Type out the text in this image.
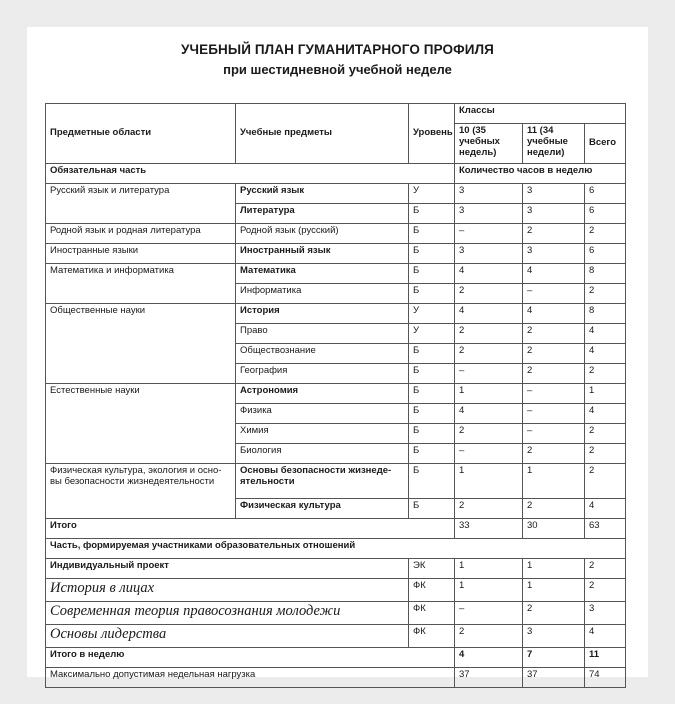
УЧЕБНЫЙ ПЛАН ГУМАНИТАРНОГО ПРОФИЛЯ
при шестидневной учебной неделе
Предметные области	Учебные предметы	Уровень	Классы		
			10 (35 учебных недель)	11 (34 учебные недели)	Всего
Обязательная часть			Количество часов в неделю		
Русский язык и литература	Русский язык	У	3	3	6
	Литература	Б	3	3	6
Родной язык и родная литература	Родной язык (русский)	Б	–	2	2
Иностранные языки	Иностранный язык	Б	3	3	6
Математика и информатика	Математика	Б	4	4	8
	Информатика	Б	2	–	2
Общественные науки	История	У	4	4	8
	Право	У	2	2	4
	Обществознание	Б	2	2	4
	География	Б	–	2	2
Естественные науки	Астрономия	Б	1	–	1
	Физика	Б	4	–	4
	Химия	Б	2	–	2
	Биология	Б	–	2	2
Физическая культура, экология и осно-вы безопасности жизнедеятельности	Основы безопасности жизнеде-ятельности	Б	1	1	2
	Физическая культура	Б	2	2	4
Итого			33	30	63
Часть, формируемая участниками образовательных отношений					
Индивидуальный проект		ЭК	1	1	2
История в лицах		ФК	1	1	2
Современная теория правосознания молодежи		ФК	–	2	3
Основы лидерства		ФК	2	3	4
Итого в неделю			4	7	11
Максимально допустимая недельная нагрузка			37	37	74
